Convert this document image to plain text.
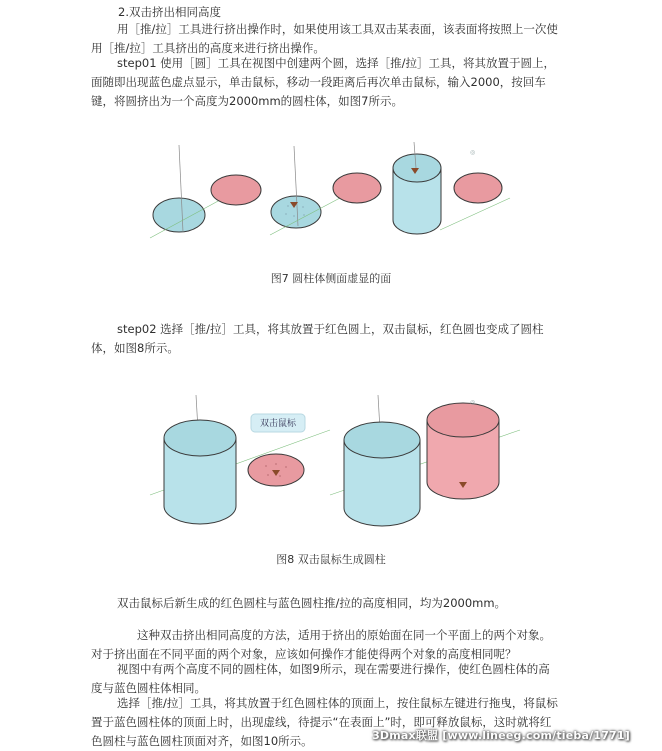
2.双击挤出相同高度

用［推/拉］工具进行挤出操作时，如果使用该工具双击某表面，该表面将按照上一次使用［推/拉］工具挤出的高度来进行挤出操作。

step01 使用［圆］工具在视图中创建两个圆，选择［推/拉］工具，将其放置于圆上，面随即出现蓝色虚点显示，单击鼠标，移动一段距离后再次单击鼠标，输入2000，按回车键，将圆挤出为一个高度为2000mm的圆柱体，如图7所示。

◎

图7 圆柱体侧面虚显的面

step02 选择［推/拉］工具，将其放置于红色圆上，双击鼠标，红色圆也变成了圆柱体，如图8所示。

◎
双击鼠标

图8 双击鼠标生成圆柱

双击鼠标后新生成的红色圆柱与蓝色圆柱推/拉的高度相同，均为2000mm。

这种双击挤出相同高度的方法，适用于挤出的原始面在同一个平面上的两个对象。对于挤出面在不同平面的两个对象，应该如何操作才能使得两个对象的高度相同呢？

视图中有两个高度不同的圆柱体，如图9所示，现在需要进行操作，使红色圆柱体的高度与蓝色圆柱体相同。

选择［推/拉］工具，将其放置于红色圆柱体的顶面上，按住鼠标左键进行拖曳，将鼠标置于蓝色圆柱体的顶面上时，出现虚线，待提示“在表面上”时，即可释放鼠标，这时就将红色圆柱与蓝色圆柱顶面对齐，如图10所示。	3Dmax联盟 [www.lineeg.com/tieba/1771]
